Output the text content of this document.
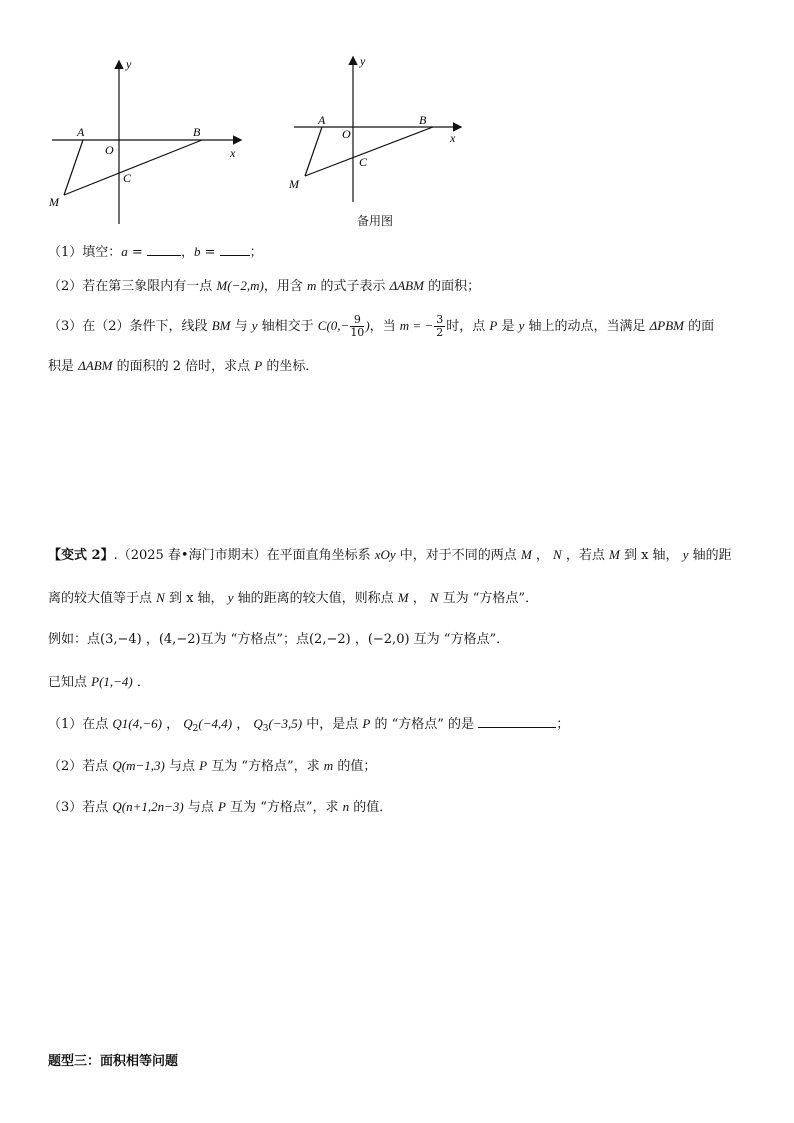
y
x
A	B
O
C
M
y
x
A	B
O
C
M
备用图
（1）填空：a =	，b = ；
（2）若在第三象限内有一点 M(−2,m)，用含 m 的式子表示 ΔABM 的面积；
（3）在（2）条件下，线段 BM 与 y 轴相交于 $C(0,- \frac{9}{10}$ )，当 m = − $\frac{3}{2}$ 时，点 P 是 y 轴上的动点，当满足 ΔPBM 的面
积是 ΔABM 的面积的 2 倍时，求点 P 的坐标．
【变式 2】.（2025 春•海门市期末）在平面直角坐标系 xOy 中，对于不同的两点 M ， N ，若点 M 到 x 轴， y 轴的距
离的较大值等于点 N 到 x 轴， y 轴的距离的较大值，则称点 M ， N 互为 “方格点”．
例如：点(3,−4) ，(4,−2)互为 “方格点”；点(2,−2) ，(−2,0) 互为 “方格点”．
已知点 P(1,−4) ．
（1）在点 Q1(4,−6) ， $Q_2(-4,4)$ ， $Q_3(-3,5)$ 中，是点 P 的 “方格点” 的是	；
（2）若点 Q(m−1,3) 与点 P 互为 “方格点”，求 m 的值；
（3）若点 Q(n+1,2n−3) 与点 P 互为 “方格点”，求 n 的值．
题型三：面积相等问题
